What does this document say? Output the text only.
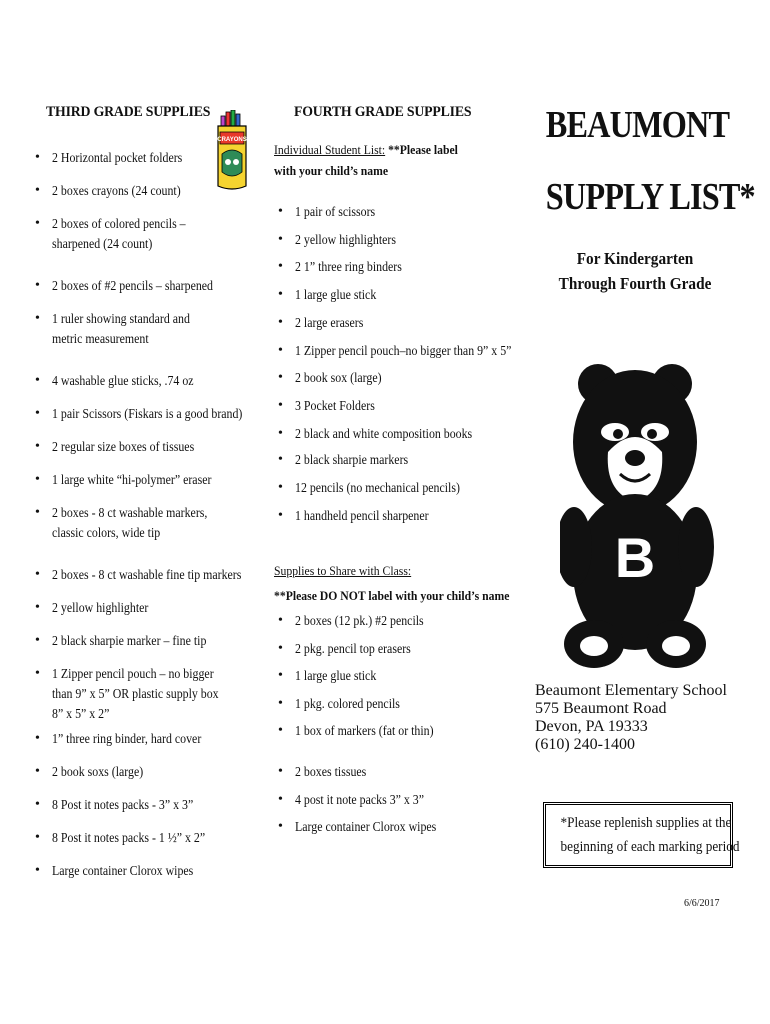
THIRD GRADE SUPPLIES
CRAYONS
• 2 Horizontal pocket folders
• 2 boxes crayons (24 count)
• 2 boxes of colored pencils – sharpened (24 count)
• 2 boxes of #2 pencils – sharpened
• 1 ruler showing standard and metric measurement
• 4 washable glue sticks, .74 oz
• 1 pair Scissors (Fiskars is a good brand)
• 2 regular size boxes of tissues
• 1 large white “hi-polymer” eraser
• 2 boxes - 8 ct washable markers, classic colors, wide tip
• 2 boxes - 8 ct washable fine tip markers
• 2 yellow highlighter
• 2 black sharpie marker – fine tip
• 1 Zipper pencil pouch – no bigger than 9” x 5” OR plastic supply box 8” x 5” x 2”
• 1” three ring binder, hard cover
• 2 book soxs (large)
• 8 Post it notes packs - 3” x 3”
• 8 Post it notes packs - 1 ½” x 2”
• Large container Clorox wipes
FOURTH GRADE SUPPLIES
Individual Student List: **Please label with your child’s name
• 1 pair of scissors
• 2 yellow highlighters
• 2 1” three ring binders
• 1 large glue stick
• 2 large erasers
• 1 Zipper pencil pouch–no bigger than 9” x 5”
• 2 book sox (large)
• 3 Pocket Folders
• 2 black and white composition books
• 2 black sharpie markers
• 12 pencils (no mechanical pencils)
• 1 handheld pencil sharpener
Supplies to Share with Class:
**Please DO NOT label with your child’s name
• 2 boxes (12 pk.) #2 pencils
• 2 pkg. pencil top erasers
• 1 large glue stick
• 1 pkg. colored pencils
• 1 box of markers (fat or thin)
• 2 boxes tissues
• 4 post it note packs 3” x 3”
• Large container Clorox wipes
BEAUMONT
SUPPLY LIST*
For Kindergarten
Through Fourth Grade
B
Beaumont Elementary School
575 Beaumont Road
Devon, PA 19333
(610) 240-1400
*Please replenish supplies at the
beginning of each marking period
6/6/2017
